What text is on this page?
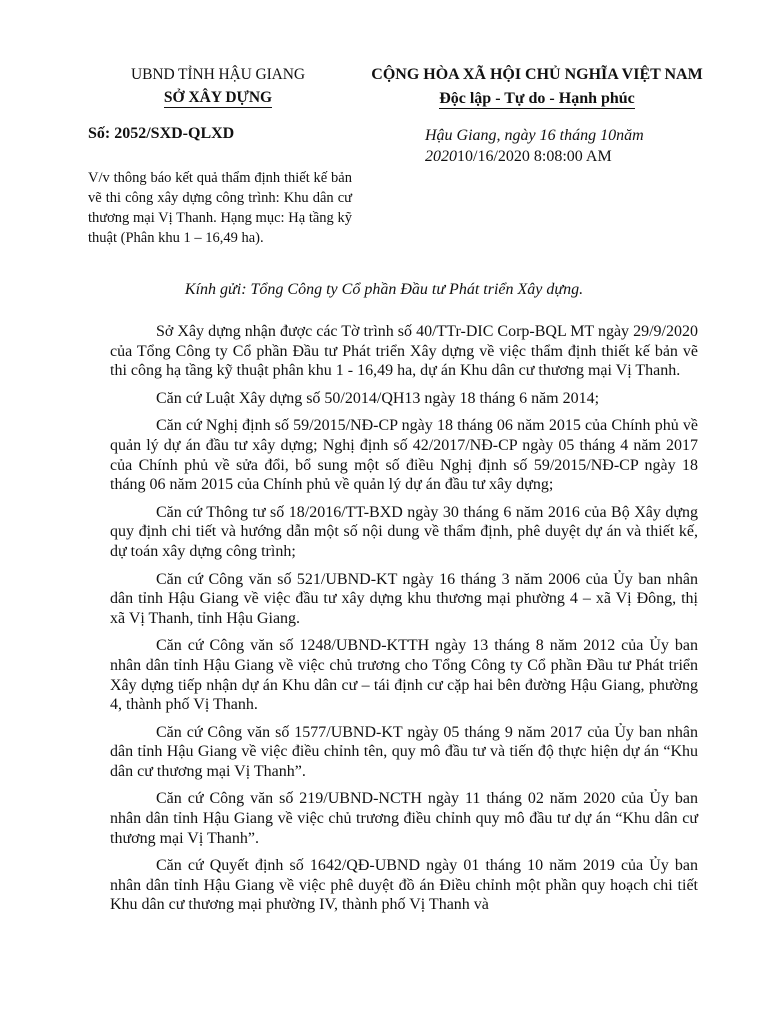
UBND TỈNH HẬU GIANG
SỞ XÂY DỰNG
CỘNG HÒA XÃ HỘI CHỦ NGHĨA VIỆT NAM
Độc lập - Tự do - Hạnh phúc
Số: 2052/SXD-QLXD	Hậu Giang, ngày 16 tháng 10năm
202010/16/2020 8:08:00 AM
V/v thông báo kết quả thẩm định thiết kế bản vẽ thi công xây dựng công trình: Khu dân cư thương mại Vị Thanh. Hạng mục: Hạ tầng kỹ thuật (Phân khu 1 – 16,49 ha).
Kính gửi: Tổng Công ty Cổ phần Đầu tư Phát triển Xây dựng.

Sở Xây dựng nhận được các Tờ trình số 40/TTr-DIC Corp-BQL MT ngày 29/9/2020 của Tổng Công ty Cổ phần Đầu tư Phát triển Xây dựng về việc thẩm định thiết kế bản vẽ thi công hạ tầng kỹ thuật phân khu 1 - 16,49 ha, dự án Khu dân cư thương mại Vị Thanh.

Căn cứ Luật Xây dựng số 50/2014/QH13 ngày 18 tháng 6 năm 2014;

Căn cứ Nghị định số 59/2015/NĐ-CP ngày 18 tháng 06 năm 2015 của Chính phủ về quản lý dự án đầu tư xây dựng; Nghị định số 42/2017/NĐ-CP ngày 05 tháng 4 năm 2017 của Chính phủ về sửa đổi, bổ sung một số điều Nghị định số 59/2015/NĐ-CP ngày 18 tháng 06 năm 2015 của Chính phủ về quản lý dự án đầu tư xây dựng;

Căn cứ Thông tư số 18/2016/TT-BXD ngày 30 tháng 6 năm 2016 của Bộ Xây dựng quy định chi tiết và hướng dẫn một số nội dung về thẩm định, phê duyệt dự án và thiết kế, dự toán xây dựng công trình;

Căn cứ Công văn số 521/UBND-KT ngày 16 tháng 3 năm 2006 của Ủy ban nhân dân tỉnh Hậu Giang về việc đầu tư xây dựng khu thương mại phường 4 – xã Vị Đông, thị xã Vị Thanh, tỉnh Hậu Giang.

Căn cứ Công văn số 1248/UBND-KTTH ngày 13 tháng 8 năm 2012 của Ủy ban nhân dân tỉnh Hậu Giang về việc chủ trương cho Tổng Công ty Cổ phần Đầu tư Phát triển Xây dựng tiếp nhận dự án Khu dân cư – tái định cư cặp hai bên đường Hậu Giang, phường 4, thành phố Vị Thanh.

Căn cứ Công văn số 1577/UBND-KT ngày 05 tháng 9 năm 2017 của Ủy ban nhân dân tỉnh Hậu Giang về việc điều chỉnh tên, quy mô đầu tư và tiến độ thực hiện dự án “Khu dân cư thương mại Vị Thanh”.

Căn cứ Công văn số 219/UBND-NCTH ngày 11 tháng 02 năm 2020 của Ủy ban nhân dân tỉnh Hậu Giang về việc chủ trương điều chỉnh quy mô đầu tư dự án “Khu dân cư thương mại Vị Thanh”.

Căn cứ Quyết định số 1642/QĐ-UBND ngày 01 tháng 10 năm 2019 của Ủy ban nhân dân tỉnh Hậu Giang về việc phê duyệt đồ án Điều chỉnh một phần quy hoạch chi tiết Khu dân cư thương mại phường IV, thành phố Vị Thanh và
